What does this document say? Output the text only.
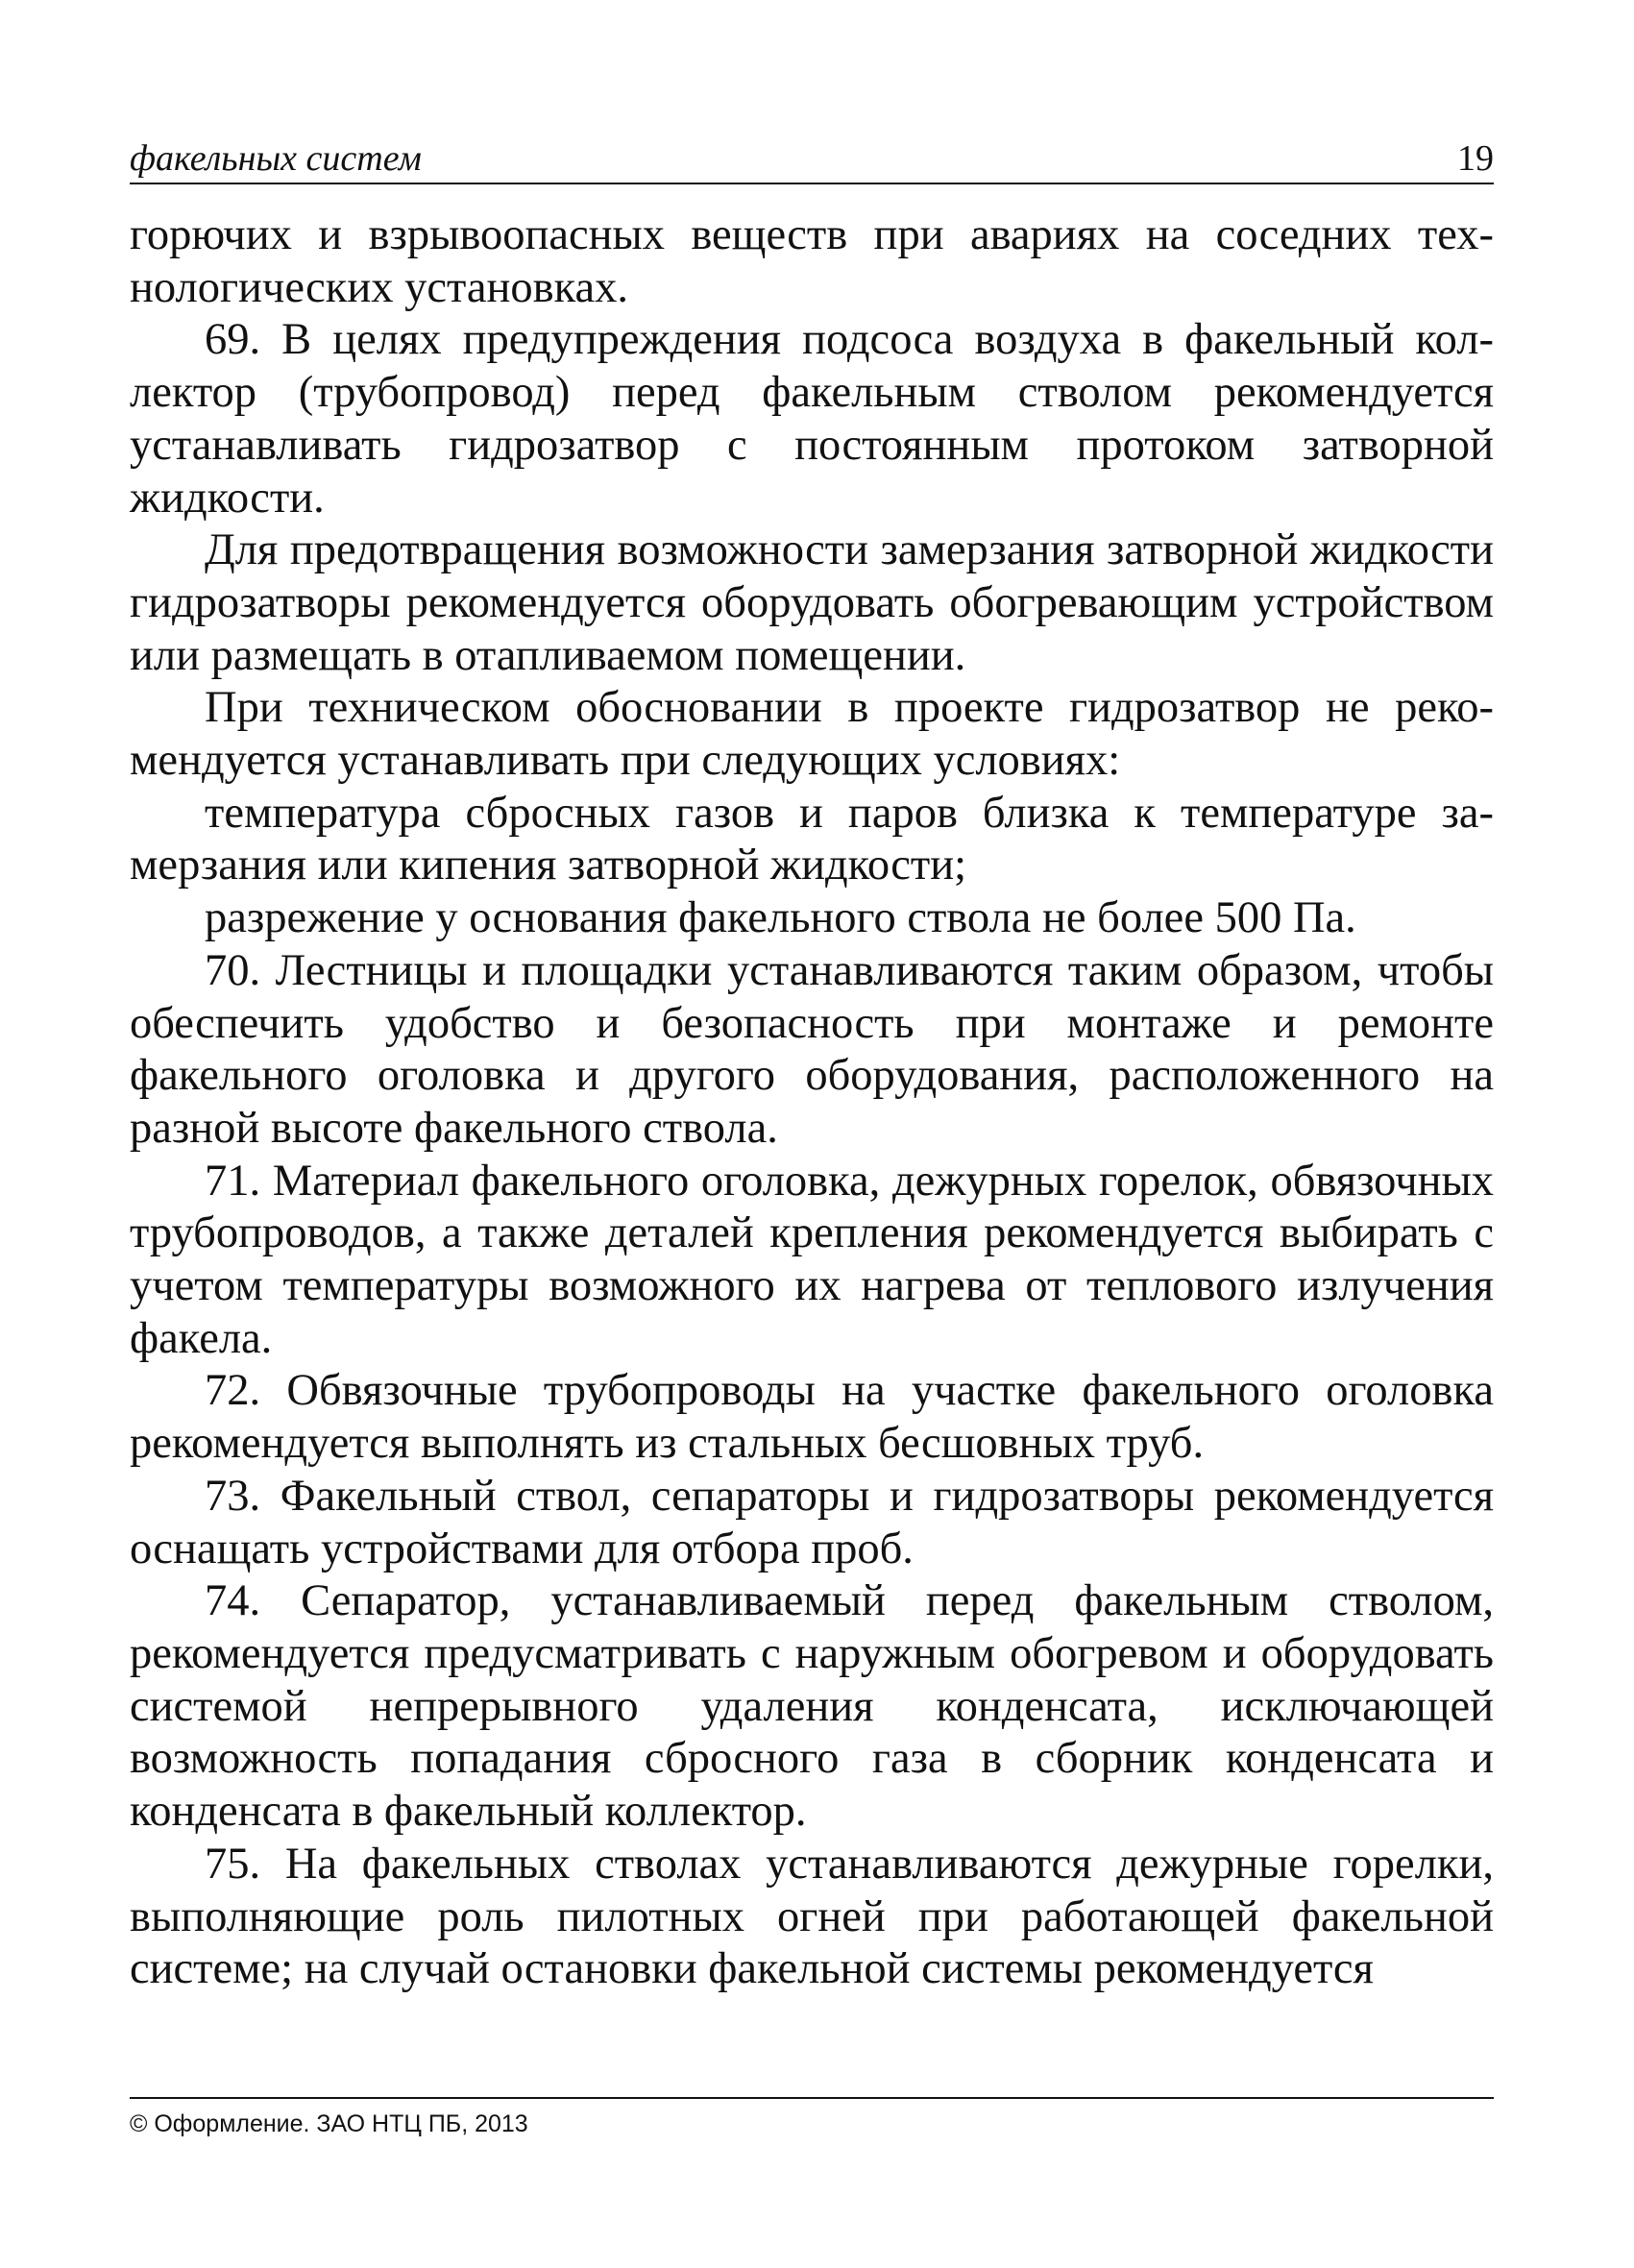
факельных систем	19

горючих и взрывоопасных веществ при авариях на соседних технологических установках.

69. В целях предупреждения подсоса воздуха в факельный коллектор (трубопровод) перед факельным стволом рекомендуется устанавливать гидрозатвор с постоянным протоком затворной жидкости.

Для предотвращения возможности замерзания затворной жидкости гидрозатворы рекомендуется оборудовать обогревающим устройством или размещать в отапливаемом помещении.

При техническом обосновании в проекте гидрозатвор не рекомендуется устанавливать при следующих условиях:

температура сбросных газов и паров близка к температуре замерзания или кипения затворной жидкости;

разрежение у основания факельного ствола не более 500 Па.

70. Лестницы и площадки устанавливаются таким образом, чтобы обеспечить удобство и безопасность при монтаже и ремонте факельного оголовка и другого оборудования, расположенного на разной высоте факельного ствола.

71. Материал факельного оголовка, дежурных горелок, обвязочных трубопроводов, а также деталей крепления рекомендуется выбирать с учетом температуры возможного их нагрева от теплового излучения факела.

72. Обвязочные трубопроводы на участке факельного оголовка рекомендуется выполнять из стальных бесшовных труб.

73. Факельный ствол, сепараторы и гидрозатворы рекомендуется оснащать устройствами для отбора проб.

74. Сепаратор, устанавливаемый перед факельным стволом, рекомендуется предусматривать с наружным обогревом и оборудовать системой непрерывного удаления конденсата, исключающей возможность попадания сбросного газа в сборник конденсата и конденсата в факельный коллектор.

75. На факельных стволах устанавливаются дежурные горелки, выполняющие роль пилотных огней при работающей факельной системе; на случай остановки факельной системы рекомендуется

© Оформление. ЗАО НТЦ ПБ, 2013
